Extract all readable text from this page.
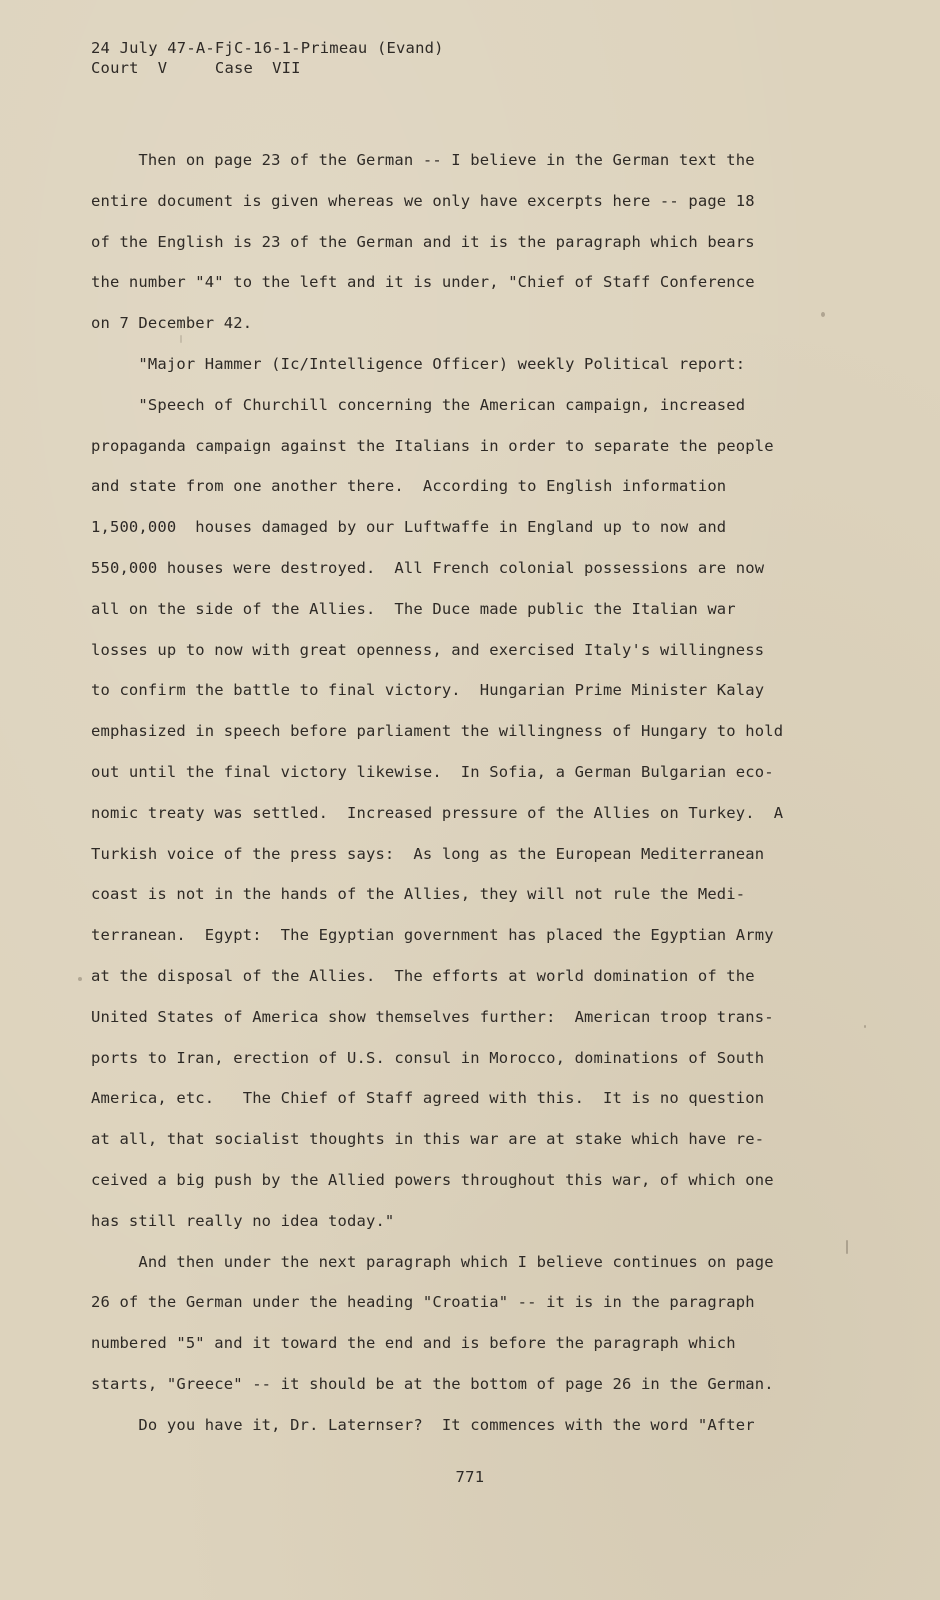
24 July 47-A-FjC-16-1-Primeau (Evand)
Court  V     Case  VII
Then on page 23 of the German -- I believe in the German text the
entire document is given whereas we only have excerpts here -- page 18
of the English is 23 of the German and it is the paragraph which bears
the number "4" to the left and it is under, "Chief of Staff Conference
on 7 December 42.
"Major Hammer (Ic/Intelligence Officer) weekly Political report:
"Speech of Churchill concerning the American campaign, increased
propaganda campaign against the Italians in order to separate the people
and state from one another there.  According to English information
1,500,000  houses damaged by our Luftwaffe in England up to now and
550,000 houses were destroyed.  All French colonial possessions are now
all on the side of the Allies.  The Duce made public the Italian war
losses up to now with great openness, and exercised Italy's willingness
to confirm the battle to final victory.  Hungarian Prime Minister Kalay
emphasized in speech before parliament the willingness of Hungary to hold
out until the final victory likewise.  In Sofia, a German Bulgarian eco-
nomic treaty was settled.  Increased pressure of the Allies on Turkey.  A
Turkish voice of the press says:  As long as the European Mediterranean
coast is not in the hands of the Allies, they will not rule the Medi-
terranean.  Egypt:  The Egyptian government has placed the Egyptian Army
at the disposal of the Allies.  The efforts at world domination of the
United States of America show themselves further:  American troop trans-
ports to Iran, erection of U.S. consul in Morocco, dominations of South
America, etc.   The Chief of Staff agreed with this.  It is no question
at all, that socialist thoughts in this war are at stake which have re-
ceived a big push by the Allied powers throughout this war, of which one
has still really no idea today."
And then under the next paragraph which I believe continues on page
26 of the German under the heading "Croatia" -- it is in the paragraph
numbered "5" and it toward the end and is before the paragraph which
starts, "Greece" -- it should be at the bottom of page 26 in the German.
Do you have it, Dr. Laternser?  It commences with the word "After
771
